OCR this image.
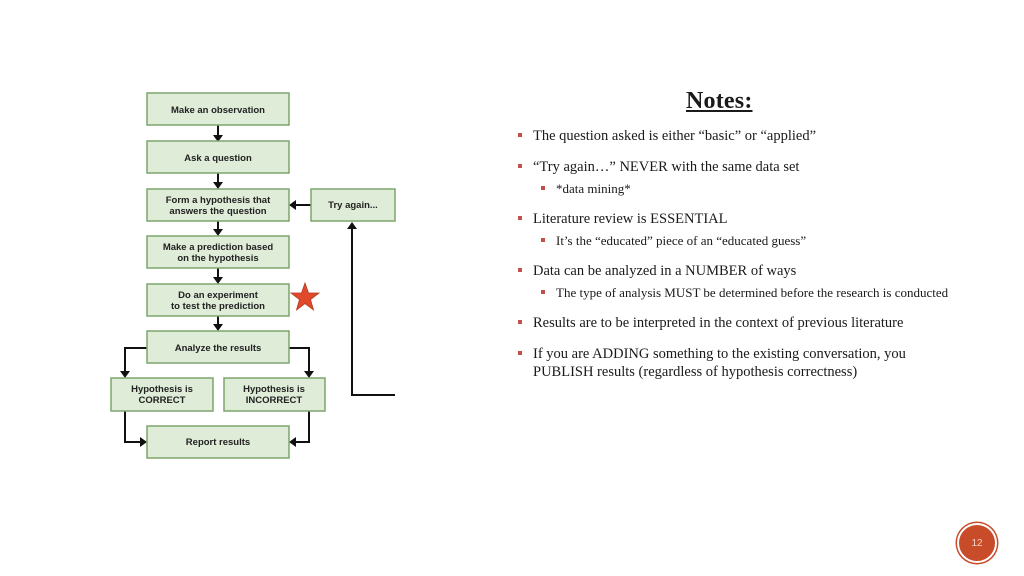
Make an observation
Ask a question
Form a hypothesis that
answers the question
Make a prediction based
on the hypothesis
Do an experiment
to test the prediction
Analyze the results
Hypothesis is
CORRECT
Hypothesis is
INCORRECT
Report results
Try again...
Notes:
The question asked is either “basic” or “applied”
“Try again…” NEVER with the same data set
*data mining*
Literature review is ESSENTIAL
It’s the “educated” piece of an “educated guess”
Data can be analyzed in a NUMBER of ways
The type of analysis MUST be determined before the research is conducted
Results are to be interpreted in the context of previous literature
If you are ADDING something to the existing conversation, you PUBLISH results (regardless of hypothesis correctness)
12
